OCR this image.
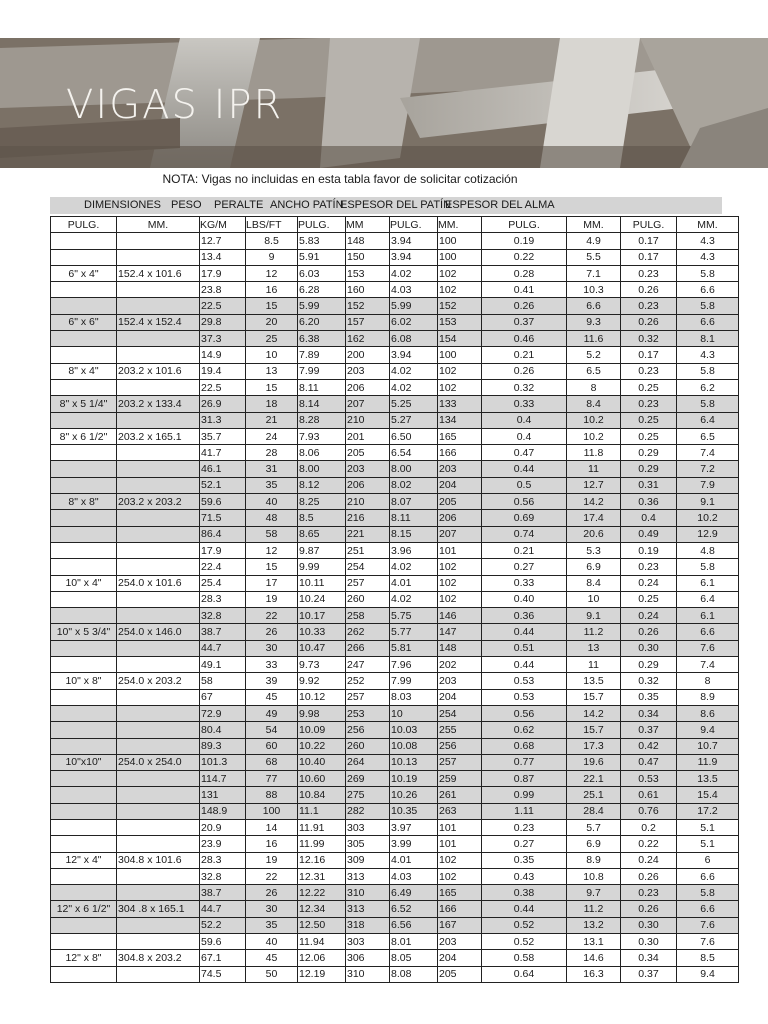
VIGAS IPR
NOTA: Vigas no incluidas en esta tabla favor de solicitar cotización
DIMENSIONES PESO PERALTE ANCHO PATÍN
ESPESOR DEL PATÍN
ESPESOR DEL ALMA
PULG.	MM.	KG/M	LBS/FT	PULG.	MM	PULG.	MM.	PULG.	MM.	PULG.	MM.
		12.7	8.5	5.83	148	3.94	100	0.19	4.9	0.17	4.3
		13.4	9	5.91	150	3.94	100	0.22	5.5	0.17	4.3
6" x 4"	152.4 x 101.6	17.9	12	6.03	153	4.02	102	0.28	7.1	0.23	5.8
		23.8	16	6.28	160	4.03	102	0.41	10.3	0.26	6.6
		22.5	15	5.99	152	5.99	152	0.26	6.6	0.23	5.8
6" x 6"	152.4 x 152.4	29.8	20	6.20	157	6.02	153	0.37	9.3	0.26	6.6
		37.3	25	6.38	162	6.08	154	0.46	11.6	0.32	8.1
		14.9	10	7.89	200	3.94	100	0.21	5.2	0.17	4.3
8" x 4"	203.2 x 101.6	19.4	13	7.99	203	4.02	102	0.26	6.5	0.23	5.8
		22.5	15	8.11	206	4.02	102	0.32	8	0.25	6.2
8" x 5 1/4"	203.2 x 133.4	26.9	18	8.14	207	5.25	133	0.33	8.4	0.23	5.8
		31.3	21	8.28	210	5.27	134	0.4	10.2	0.25	6.4
8" x 6 1/2"	203.2 x 165.1	35.7	24	7.93	201	6.50	165	0.4	10.2	0.25	6.5
		41.7	28	8.06	205	6.54	166	0.47	11.8	0.29	7.4
		46.1	31	8.00	203	8.00	203	0.44	11	0.29	7.2
		52.1	35	8.12	206	8.02	204	0.5	12.7	0.31	7.9
8" x 8"	203.2 x 203.2	59.6	40	8.25	210	8.07	205	0.56	14.2	0.36	9.1
		71.5	48	8.5	216	8.11	206	0.69	17.4	0.4	10.2
		86.4	58	8.65	221	8.15	207	0.74	20.6	0.49	12.9
		17.9	12	9.87	251	3.96	101	0.21	5.3	0.19	4.8
		22.4	15	9.99	254	4.02	102	0.27	6.9	0.23	5.8
10" x 4"	254.0 x 101.6	25.4	17	10.11	257	4.01	102	0.33	8.4	0.24	6.1
		28.3	19	10.24	260	4.02	102	0.40	10	0.25	6.4
		32.8	22	10.17	258	5.75	146	0.36	9.1	0.24	6.1
10" x 5 3/4"	254.0 x 146.0	38.7	26	10.33	262	5.77	147	0.44	11.2	0.26	6.6
		44.7	30	10.47	266	5.81	148	0.51	13	0.30	7.6
		49.1	33	9.73	247	7.96	202	0.44	11	0.29	7.4
10" x 8"	254.0 x 203.2	58	39	9.92	252	7.99	203	0.53	13.5	0.32	8
		67	45	10.12	257	8.03	204	0.53	15.7	0.35	8.9
		72.9	49	9.98	253	10	254	0.56	14.2	0.34	8.6
		80.4	54	10.09	256	10.03	255	0.62	15.7	0.37	9.4
		89.3	60	10.22	260	10.08	256	0.68	17.3	0.42	10.7
10"x10"	254.0 x 254.0	101.3	68	10.40	264	10.13	257	0.77	19.6	0.47	11.9
		114.7	77	10.60	269	10.19	259	0.87	22.1	0.53	13.5
		131	88	10.84	275	10.26	261	0.99	25.1	0.61	15.4
		148.9	100	11.1	282	10.35	263	1.11	28.4	0.76	17.2
		20.9	14	11.91	303	3.97	101	0.23	5.7	0.2	5.1
		23.9	16	11.99	305	3.99	101	0.27	6.9	0.22	5.1
12" x 4"	304.8 x 101.6	28.3	19	12.16	309	4.01	102	0.35	8.9	0.24	6
		32.8	22	12.31	313	4.03	102	0.43	10.8	0.26	6.6
		38.7	26	12.22	310	6.49	165	0.38	9.7	0.23	5.8
12" x 6 1/2"	304 .8 x 165.1	44.7	30	12.34	313	6.52	166	0.44	11.2	0.26	6.6
		52.2	35	12.50	318	6.56	167	0.52	13.2	0.30	7.6
		59.6	40	11.94	303	8.01	203	0.52	13.1	0.30	7.6
12" x 8"	304.8 x 203.2	67.1	45	12.06	306	8.05	204	0.58	14.6	0.34	8.5
		74.5	50	12.19	310	8.08	205	0.64	16.3	0.37	9.4
